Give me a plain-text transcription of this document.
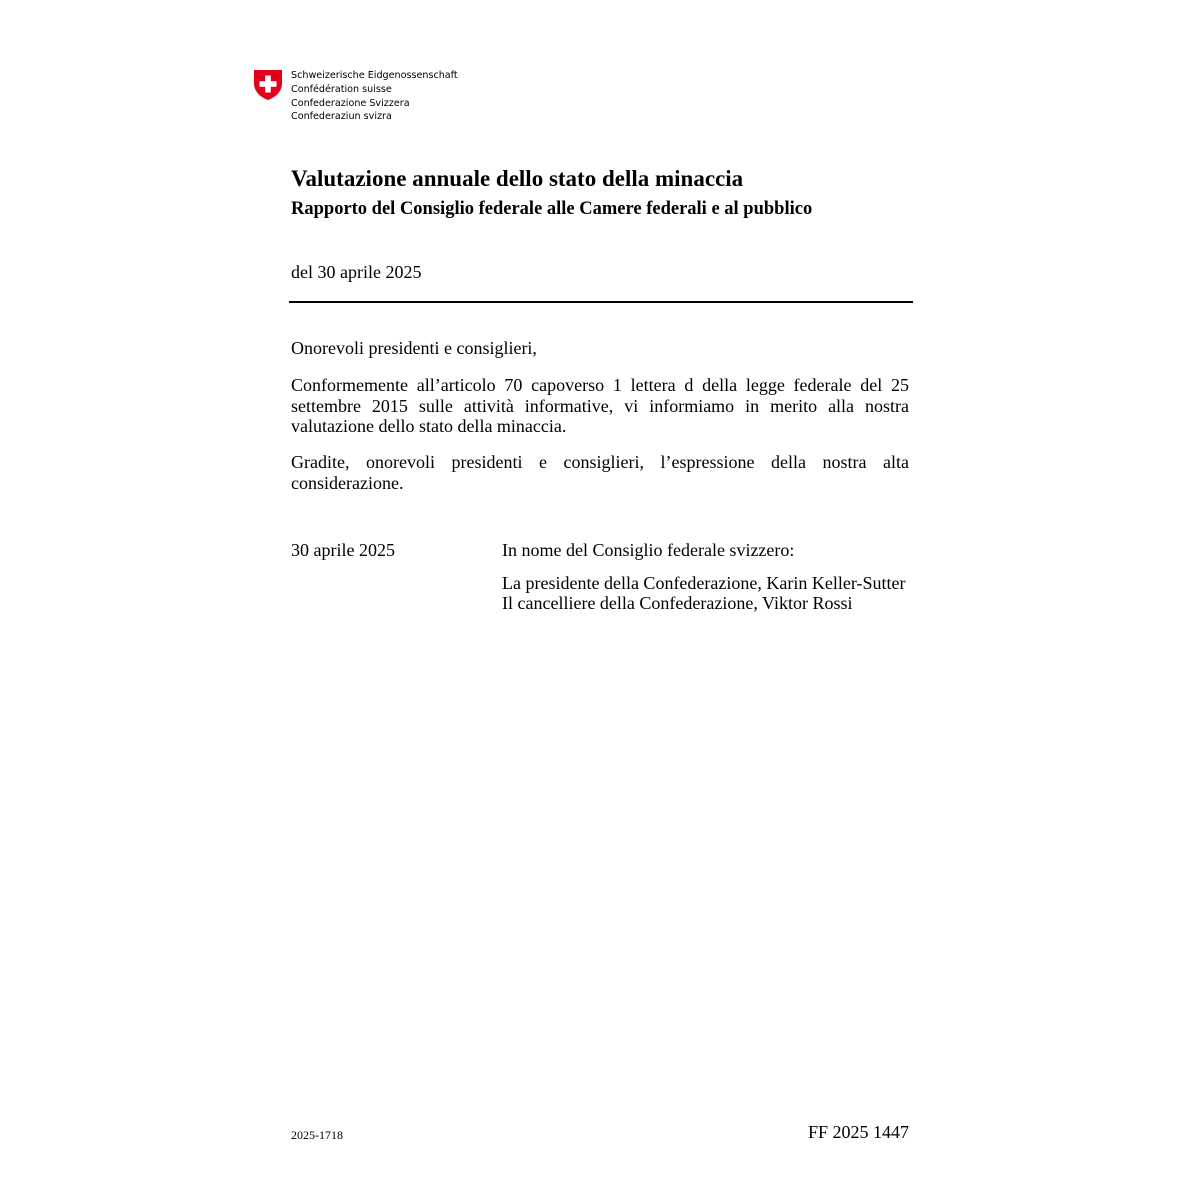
Schweizerische Eidgenossenschaft
Confédération suisse
Confederazione Svizzera
Confederaziun svizra
Valutazione annuale dello stato della minaccia
Rapporto del Consiglio federale alle Camere federali e al pubblico
del 30 aprile 2025
Onorevoli presidenti e consiglieri,
Conformemente all’articolo 70 capoverso 1 lettera d della legge federale del 25 settembre 2015 sulle attività informative, vi informiamo in merito alla nostra valutazione dello stato della minaccia.
Gradite, onorevoli presidenti e consiglieri, l’espressione della nostra alta considerazione.
30 aprile 2025	In nome del Consiglio federale svizzero:
La presidente della Confederazione, Karin Keller-Sutter
Il cancelliere della Confederazione, Viktor Rossi
2025-1718	FF 2025 1447
